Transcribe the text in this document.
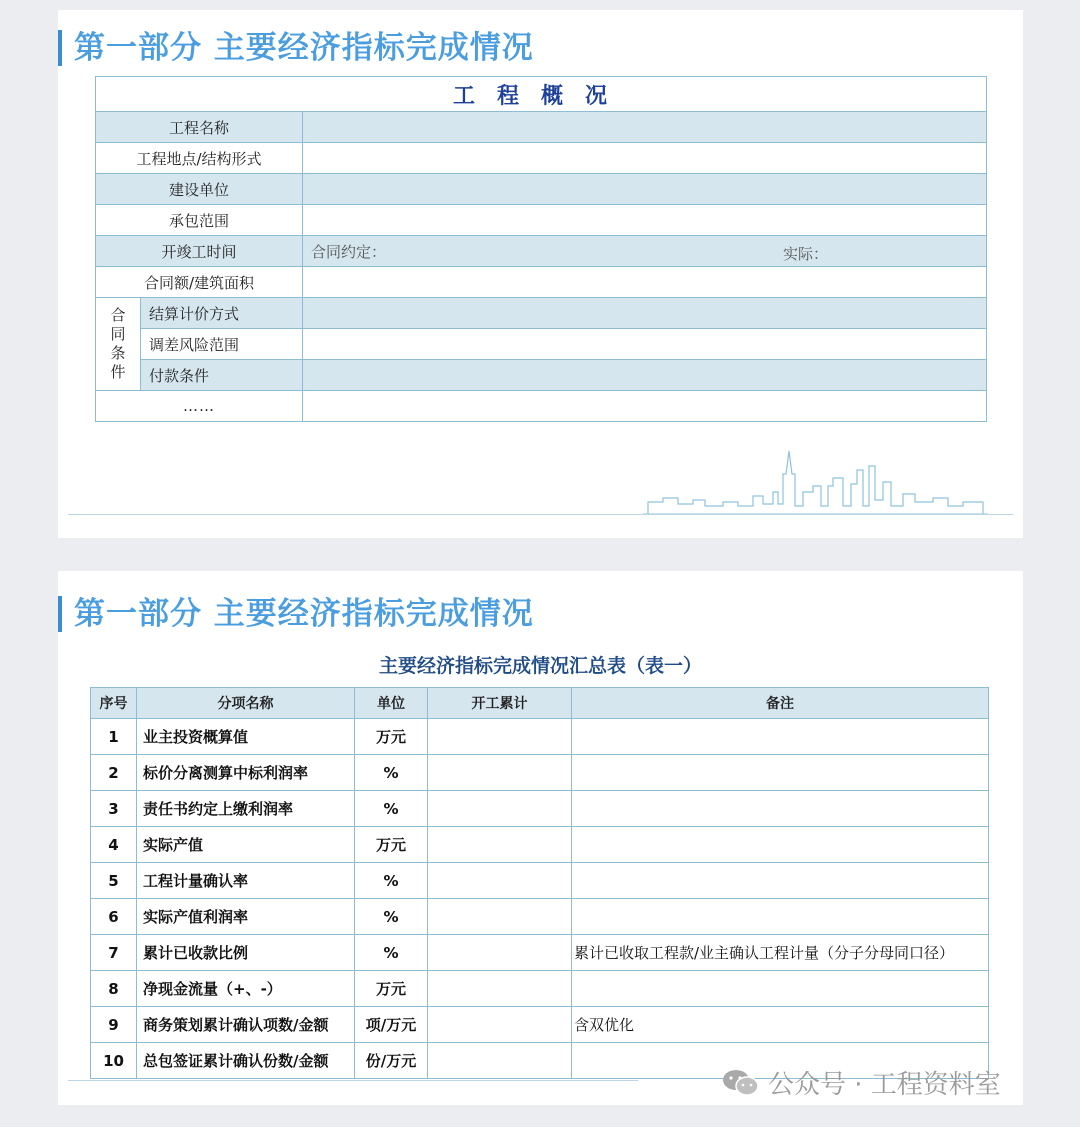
第一部分 主要经济指标完成情况
工程概况		
工程名称		
工程地点/结构形式		
建设单位		
承包范围		
开竣工时间		合同约定： 实际：

合同额/建筑面积		

合
同
条
件	结算计价方式	
	调差风险范围	
	付款条件	
……		
第一部分 主要经济指标完成情况
主要经济指标完成情况汇总表（表一）
序号	分项名称	单位	开工累计	备注
1	业主投资概算值	万元		
2	标价分离测算中标利润率	%		
3	责任书约定上缴利润率	%		
4	实际产值	万元		
5	工程计量确认率	%		
6	实际产值利润率	%		
7	累计已收款比例	%		累计已收取工程款/业主确认工程计量（分子分母同口径）
8	净现金流量（+、-）	万元		
9	商务策划累计确认项数/金额	项/万元		含双优化
10	总包签证累计确认份数/金额	份/万元		
公众号 · 工程资料室
